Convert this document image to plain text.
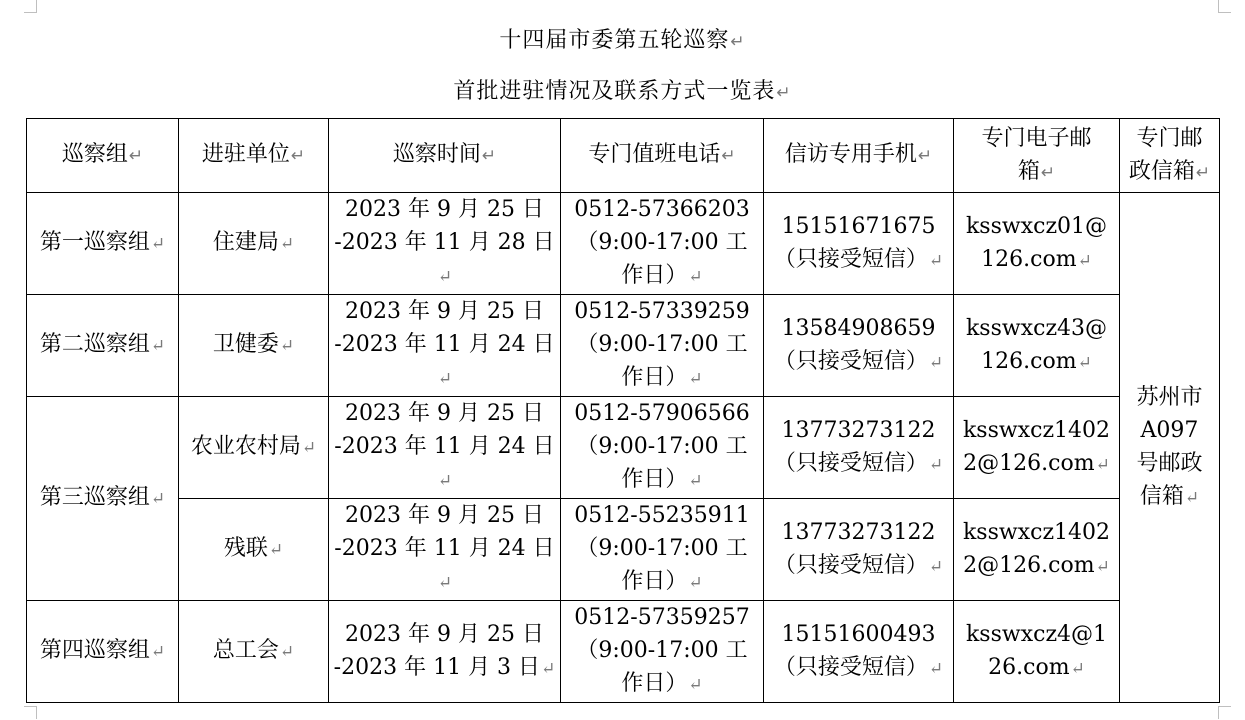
十四届市委第五轮巡察↵
首批进驻情况及联系方式一览表↵
巡察组↵	进驻单位↵	巡察时间↵	专门值班电话↵	信访专用手机↵	专门电子邮
箱↵	专门邮
政信箱↵
第一巡察组↵	住建局↵	2023 年 9 月 25 日
-2023 年 11 月 28 日↵	0512-57366203
（9:00-17:00 工
作日）↵	15151671675
（只接受短信）↵	ksswxcz01@
126.com↵	苏州市
A097
号邮政
信箱↵
第二巡察组↵	卫健委↵	2023 年 9 月 25 日
-2023 年 11 月 24 日↵	0512-57339259
（9:00-17:00 工
作日）↵	13584908659
（只接受短信）↵	ksswxcz43@
126.com↵	
第三巡察组↵	农业农村局↵	2023 年 9 月 25 日
-2023 年 11 月 24 日↵	0512-57906566
（9:00-17:00 工
作日）↵	13773273122
（只接受短信）↵	ksswxcz1402
2@126.com↵	
	残联↵	2023 年 9 月 25 日
-2023 年 11 月 24 日↵	0512-55235911
（9:00-17:00 工
作日）↵	13773273122
（只接受短信）↵	ksswxcz1402
2@126.com↵	
第四巡察组↵	总工会↵	2023 年 9 月 25 日
-2023 年 11 月 3 日↵	0512-57359257
（9:00-17:00 工
作日）↵	15151600493
（只接受短信）↵	ksswxcz4@1
26.com↵	
